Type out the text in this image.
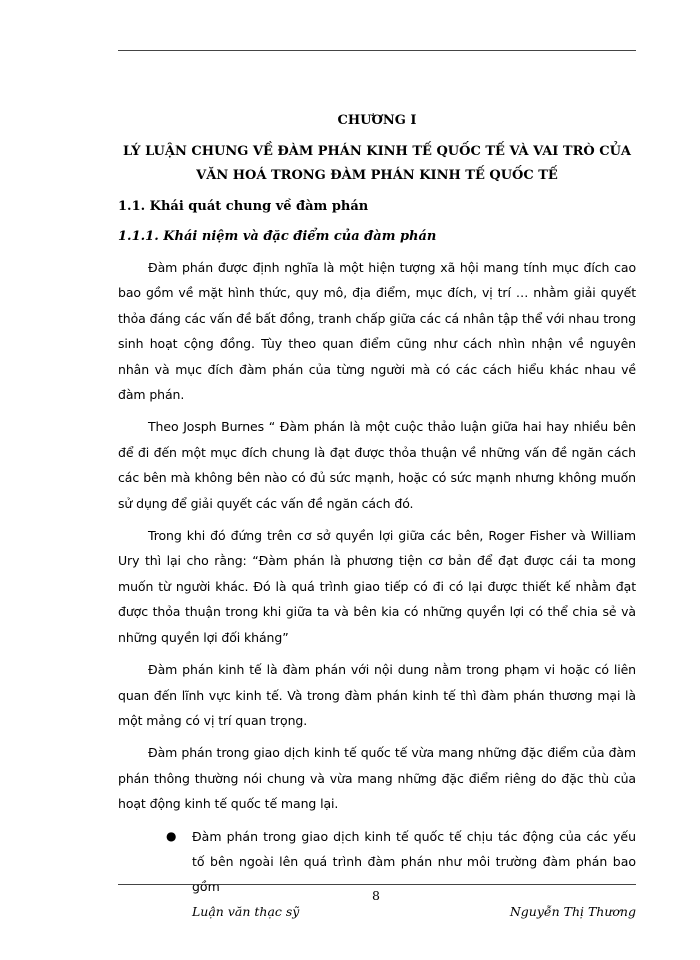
CHƯƠNG I
LÝ LUẬN CHUNG VỀ ĐÀM PHÁN KINH TẾ QUỐC TẾ VÀ VAI TRÒ CỦA VĂN HOÁ TRONG ĐÀM PHÁN KINH TẾ QUỐC TẾ
1.1. Khái quát chung về đàm phán
1.1.1. Khái niệm và đặc điểm của đàm phán

Đàm phán được định nghĩa là một hiện tượng xã hội mang tính mục đích cao bao gồm về mặt hình thức, quy mô, địa điểm, mục đích, vị trí … nhằm giải quyết thỏa đáng các vấn đề bất đồng, tranh chấp giữa các cá nhân tập thể với nhau trong sinh hoạt cộng đồng. Tùy theo quan điểm cũng như cách nhìn nhận về nguyên nhân và mục đích đàm phán của từng người mà có các cách hiểu khác nhau về đàm phán.

Theo Josph Burnes “ Đàm phán là một cuộc thảo luận giữa hai hay nhiều bên để đi đến một mục đích chung là đạt được thỏa thuận về những vấn đề ngăn cách các bên mà không bên nào có đủ sức mạnh, hoặc có sức mạnh nhưng không muốn sử dụng để giải quyết các vấn đề ngăn cách đó.

Trong khi đó đứng trên cơ sở quyền lợi giữa các bên, Roger Fisher và William Ury thì lại cho rằng: “Đàm phán là phương tiện cơ bản để đạt được cái ta mong muốn từ người khác. Đó là quá trình giao tiếp có đi có lại được thiết kế nhằm đạt được thỏa thuận trong khi giữa ta và bên kia có những quyền lợi có thể chia sẻ và những quyền lợi đối kháng”

Đàm phán kinh tế là đàm phán với nội dung nằm trong phạm vi hoặc có liên quan đến lĩnh vực kinh tế. Và trong đàm phán kinh tế thì đàm phán thương mại là một mảng có vị trí quan trọng.

Đàm phán trong giao dịch kinh tế quốc tế vừa mang những đặc điểm của đàm phán thông thường nói chung và vừa mang những đặc điểm riêng do đặc thù của hoạt động kinh tế quốc tế mang lại.

●	Đàm phán trong giao dịch kinh tế quốc tế chịu tác động của các yếu tố bên ngoài lên quá trình đàm phán như môi trường đàm phán bao gồm
Luận văn thạc sỹ
8
Nguyễn Thị Thương
